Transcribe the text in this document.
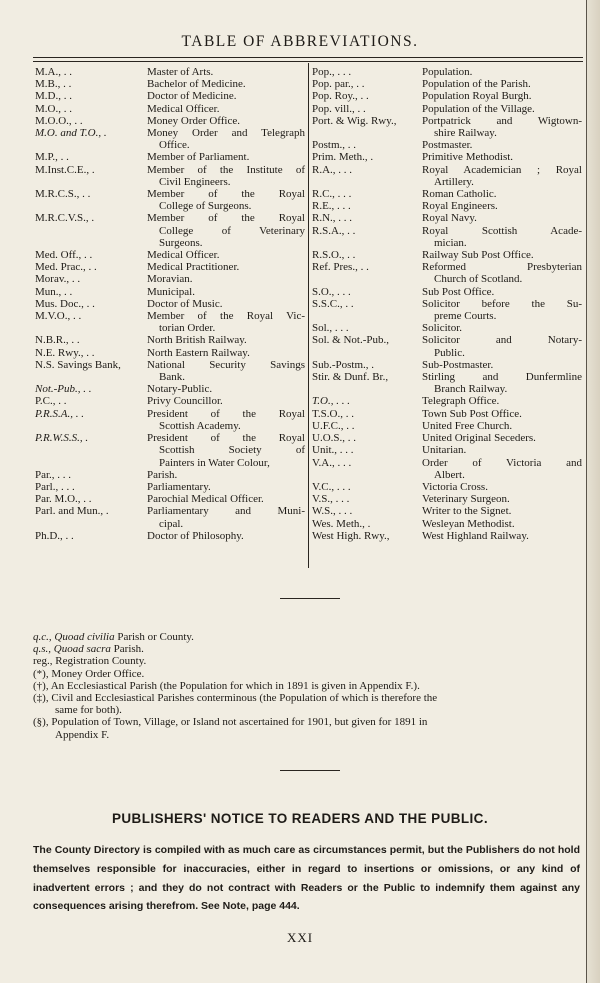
TABLE OF ABBREVIATIONS.
M.A., . .	Master of Arts.
M.B., . .	Bachelor of Medicine.
M.D., . .	Doctor of Medicine.
M.O., . .	Medical Officer.
M.O.O., . .	Money Order Office.
M.O. and T.O., .	Money Order and Telegraph
Office.
M.P., . .	Member of Parliament.
M.Inst.C.E., .	Member of the Institute of
Civil Engineers.
M.R.C.S., . .	Member of the Royal
College of Surgeons.
M.R.C.V.S., .	Member of the Royal
College of Veterinary
Surgeons.
Med. Off., . .	Medical Officer.
Med. Prac., . .	Medical Practitioner.
Morav., . .	Moravian.
Mun., . .	Municipal.
Mus. Doc., . .	Doctor of Music.
M.V.O., . .	Member of the Royal Vic-
torian Order.
N.B.R., . .	North British Railway.
N.E. Rwy., . .	North Eastern Railway.
N.S. Savings Bank,	National Security Savings
Bank.
Not.-Pub., . .	Notary-Public.
P.C., . .	Privy Councillor.
P.R.S.A., . .	President of the Royal
Scottish Academy.
P.R.W.S.S., .	President of the Royal
Scottish Society of
Painters in Water Colour,
Par., . . .	Parish.
Parl., . . .	Parliamentary.
Par. M.O., . .	Parochial Medical Officer.
Parl. and Mun., .	Parliamentary and Muni-
cipal.
Ph.D., . .	Doctor of Philosophy.
Pop., . . .	Population.
Pop. par., . .	Population of the Parish.
Pop. Roy., . .	Population Royal Burgh.
Pop. vill., . .	Population of the Village.
Port. & Wig. Rwy.,	Portpatrick and Wigtown-
shire Railway.
Postm., . .	Postmaster.
Prim. Meth., .	Primitive Methodist.
R.A., . . .	Royal Academician ; Royal
Artillery.
R.C., . . .	Roman Catholic.
R.E., . . .	Royal Engineers.
R.N., . . .	Royal Navy.
R.S.A., . .	Royal Scottish Acade-
mician.
R.S.O., . .	Railway Sub Post Office.
Ref. Pres., . .	Reformed Presbyterian
Church of Scotland.
S.O., . . .	Sub Post Office.
S.S.C., . .	Solicitor before the Su-
preme Courts.
Sol., . . .	Solicitor.
Sol. & Not.-Pub.,	Solicitor and Notary-
Public.
Sub.-Postm., .	Sub-Postmaster.
Stir. & Dunf. Br.,	Stirling and Dunfermline
Branch Railway.
T.O., . . .	Telegraph Office.
T.S.O., . .	Town Sub Post Office.
U.F.C., . .	United Free Church.
U.O.S., . .	United Original Seceders.
Unit., . . .	Unitarian.
V.A., . . .	Order of Victoria and
Albert.
V.C., . . .	Victoria Cross.
V.S., . . .	Veterinary Surgeon.
W.S., . . .	Writer to the Signet.
Wes. Meth., .	Wesleyan Methodist.
West High. Rwy.,	West Highland Railway.
q.c., Quoad civilia Parish or County.
q.s., Quoad sacra Parish.
reg., Registration County.
(*), Money Order Office.
(†), An Ecclesiastical Parish (the Population for which in 1891 is given in Appendix F.).
(‡), Civil and Ecclesiastical Parishes conterminous (the Population of which is therefore the
same for both).
(§), Population of Town, Village, or Island not ascertained for 1901, but given for 1891 in
Appendix F.
PUBLISHERS' NOTICE TO READERS AND THE PUBLIC.
The County Directory is compiled with as much care as circumstances permit, but the Publishers do not hold themselves responsible for inaccuracies, either in regard to insertions or omissions, or any kind of inadvertent errors ; and they do not contract with Readers or the Public to indemnify them against any consequences arising therefrom. See Note, page 444.
XXI
